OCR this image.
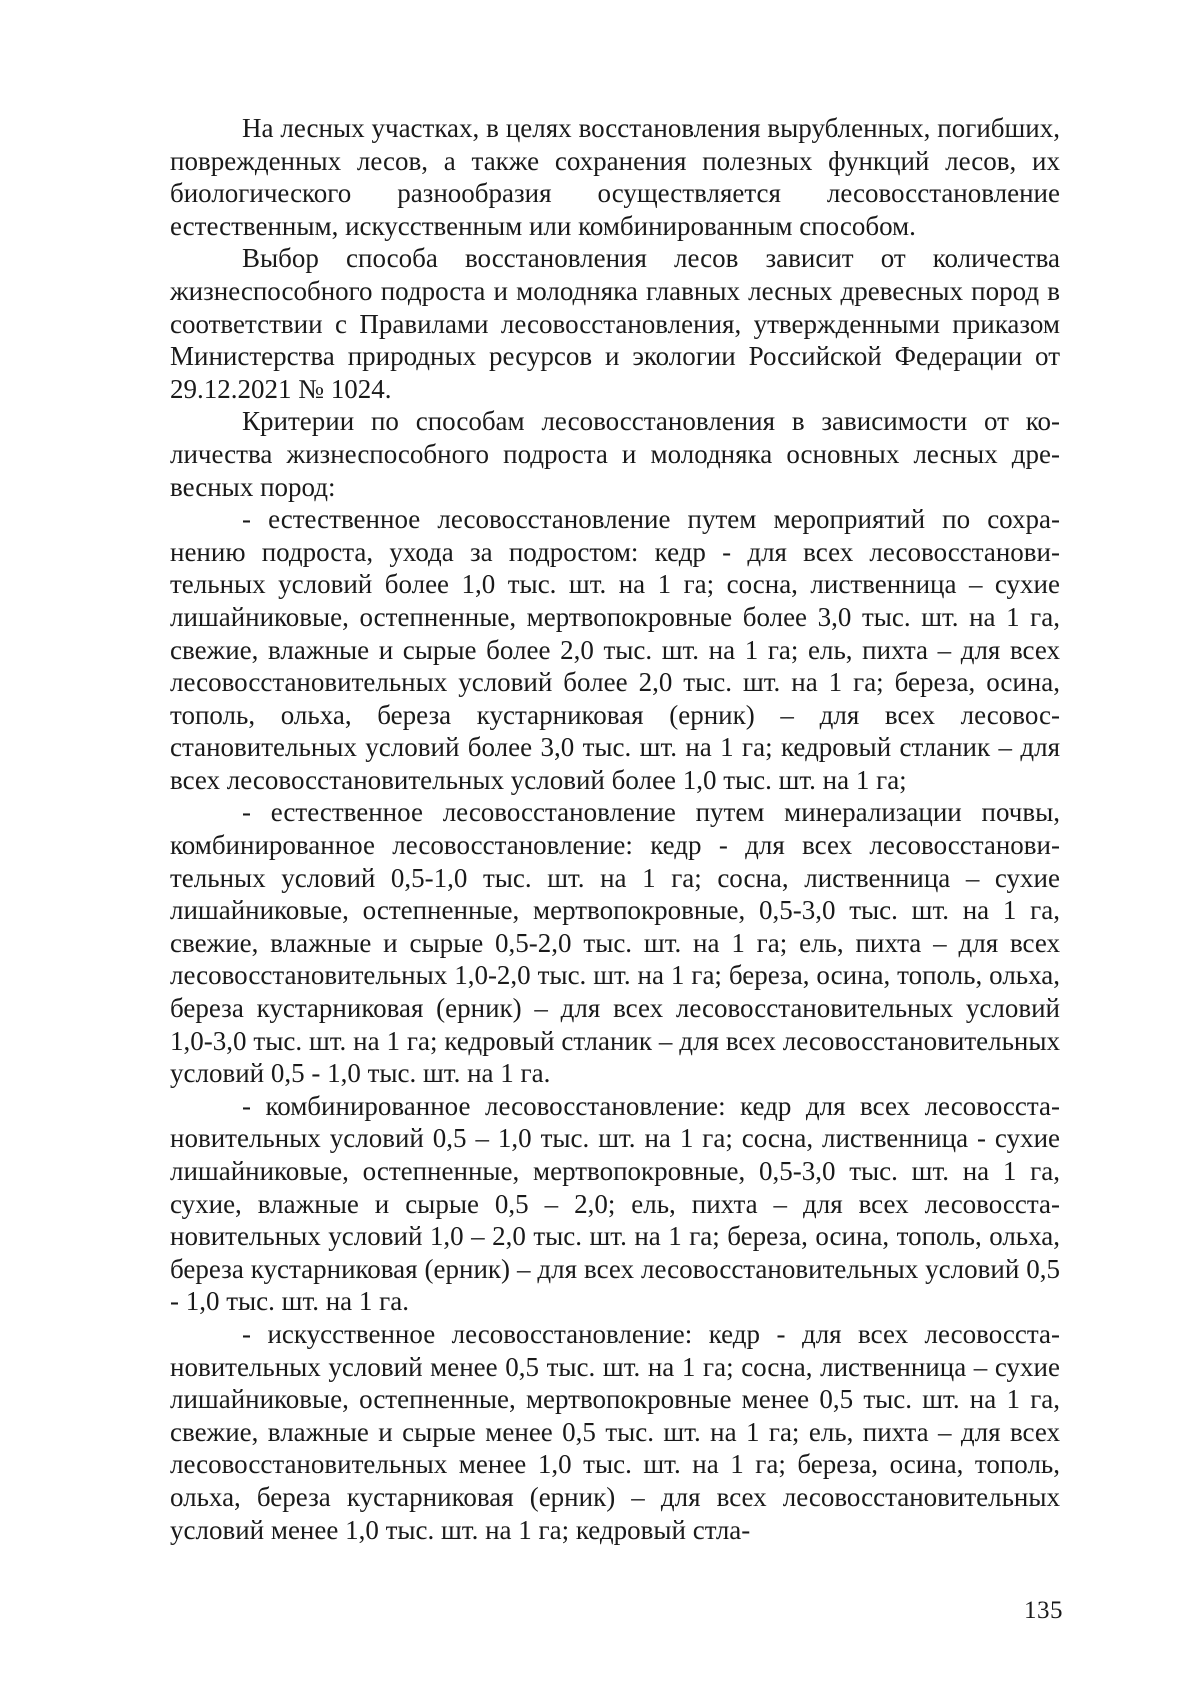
На лесных участках, в целях восстановления вырубленных, погибших, поврежденных лесов, а также сохранения полезных функций лесов, их биологического разнообразия осуществляется лесовосстановление естественным, искусственным или комбинированным способом.

Выбор способа восстановления лесов зависит от количества жизнеспособного подроста и молодняка главных лесных древесных пород в соответствии с Правилами лесовосстановления, утвержденными приказом Министерства природных ресурсов и экологии Российской Федерации от 29.12.2021 № 1024.

Критерии по способам лесовосстановления в зависимости от количества жизнеспособного подроста и молодняка основных лесных древесных пород:

- естественное лесовосстановление путем мероприятий по сохранению подроста, ухода за подростом: кедр - для всех лесовосстановительных условий более 1,0 тыс. шт. на 1 га; сосна, лиственница – сухие лишайниковые, остепненные, мертвопокровные более 3,0 тыс. шт. на 1 га, свежие, влажные и сырые более 2,0 тыс. шт. на 1 га; ель, пихта – для всех лесовосстановительных условий более 2,0 тыс. шт. на 1 га; береза, осина, тополь, ольха, береза кустарниковая (ерник) – для всех лесовосстановительных условий более 3,0 тыс. шт. на 1 га; кедровый стланик – для всех лесовосстановительных условий более 1,0 тыс. шт. на 1 га;

- естественное лесовосстановление путем минерализации почвы, комбинированное лесовосстановление: кедр - для всех лесовосстановительных условий 0,5-1,0 тыс. шт. на 1 га; сосна, лиственница – сухие лишайниковые, остепненные, мертвопокровные, 0,5-3,0 тыс. шт. на 1 га, свежие, влажные и сырые 0,5-2,0 тыс. шт. на 1 га; ель, пихта – для всех лесовосстановительных 1,0-2,0 тыс. шт. на 1 га; береза, осина, тополь, ольха, береза кустарниковая (ерник) – для всех лесовосстановительных условий 1,0-3,0 тыс. шт. на 1 га; кедровый стланик – для всех лесовосстановительных условий 0,5 - 1,0 тыс. шт. на 1 га.

- комбинированное лесовосстановление: кедр для всех лесовосстановительных условий 0,5 – 1,0 тыс. шт. на 1 га; сосна, лиственница - сухие лишайниковые, остепненные, мертвопокровные, 0,5-3,0 тыс. шт. на 1 га, сухие, влажные и сырые 0,5 – 2,0; ель, пихта – для всех лесовосстановительных условий 1,0 – 2,0 тыс. шт. на 1 га; береза, осина, тополь, ольха, береза кустарниковая (ерник) – для всех лесовосстановительных условий 0,5 - 1,0 тыс. шт. на 1 га.

- искусственное лесовосстановление: кедр - для всех лесовосстановительных условий менее 0,5 тыс. шт. на 1 га; сосна, лиственница – сухие лишайниковые, остепненные, мертвопокровные менее 0,5 тыс. шт. на 1 га, свежие, влажные и сырые менее 0,5 тыс. шт. на 1 га; ель, пихта – для всех лесовосстановительных менее 1,0 тыс. шт. на 1 га; береза, осина, тополь, ольха, береза кустарниковая (ерник) – для всех лесовосстановительных условий менее 1,0 тыс. шт. на 1 га; кедровый стла-

135
